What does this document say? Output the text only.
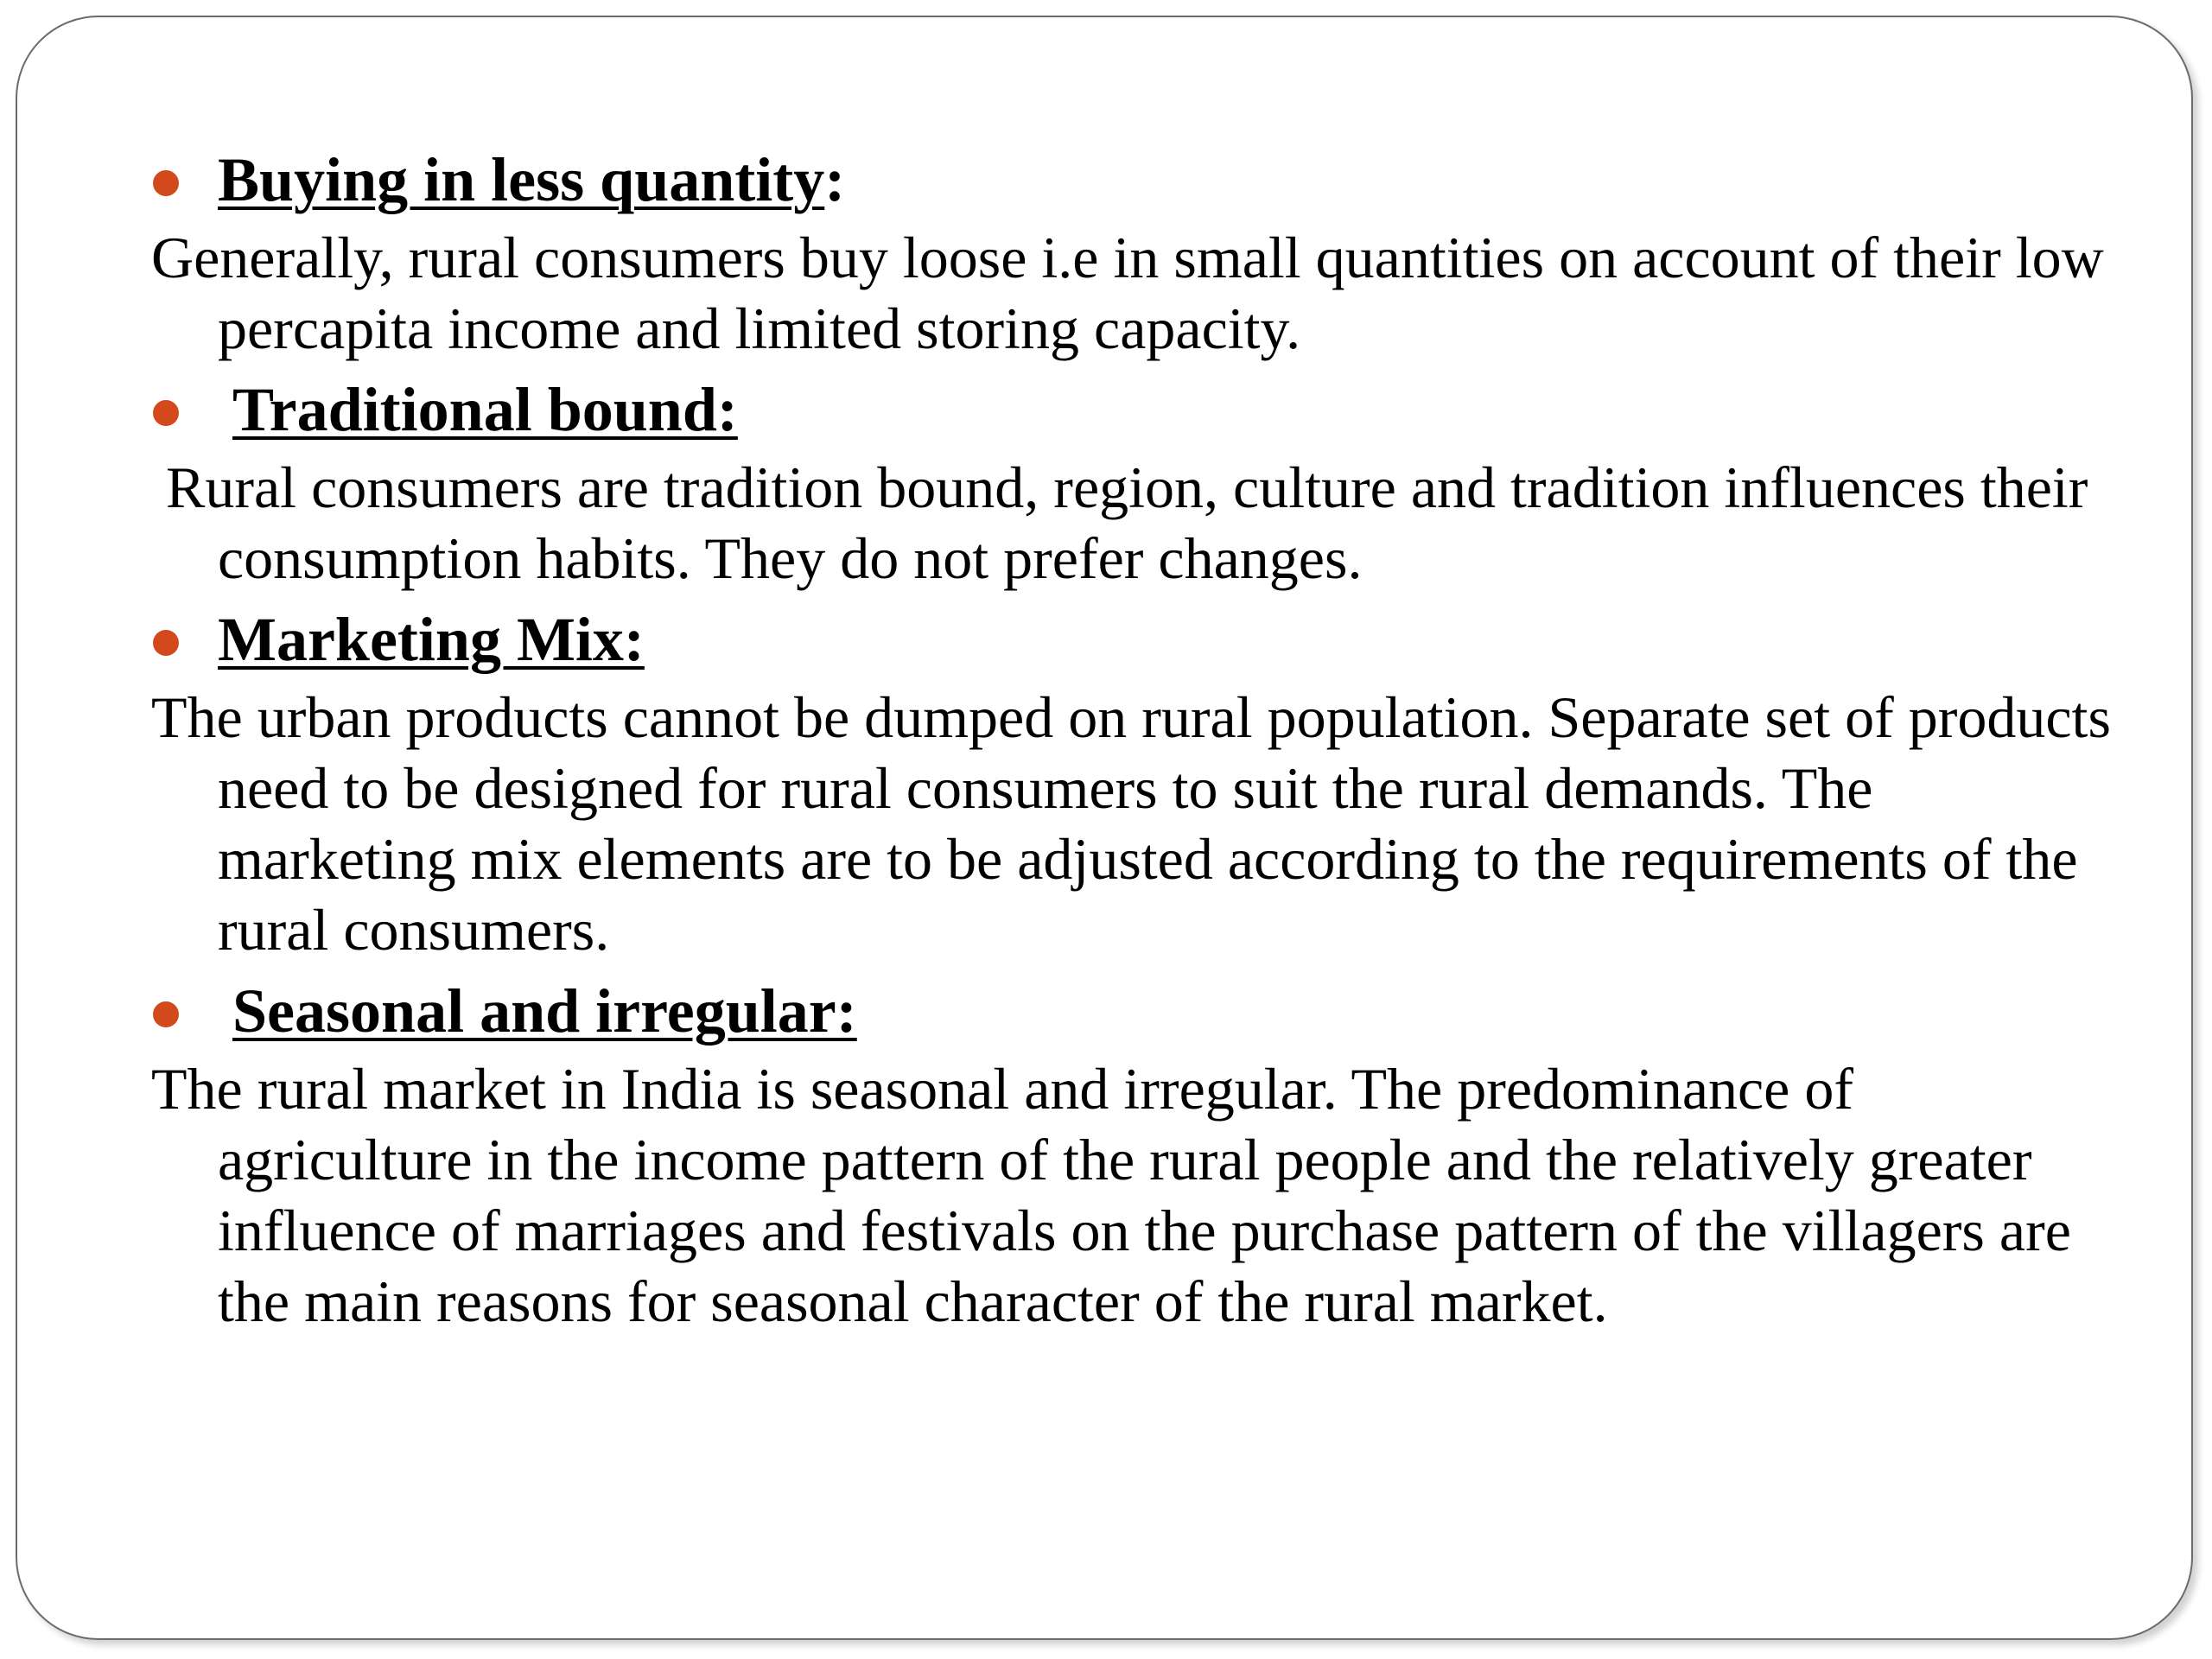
Buying in less quantity:

Generally, rural consumers buy loose i.e in small quantities on account of their low percapita income and limited storing capacity.

Traditional bound:

Rural consumers are tradition bound, region, culture and tradition influences their consumption habits. They do not prefer changes.

Marketing Mix:

The urban products cannot be dumped on rural population. Separate set of products need to be designed for rural consumers to suit the rural demands. The marketing mix elements are to be adjusted according to the requirements of the rural consumers.

Seasonal and irregular:

The rural market in India is seasonal and irregular. The predominance of agriculture in the income pattern of the rural people and the relatively greater influence of marriages and festivals on the purchase pattern of the villagers are the main reasons for seasonal character of the rural market.
